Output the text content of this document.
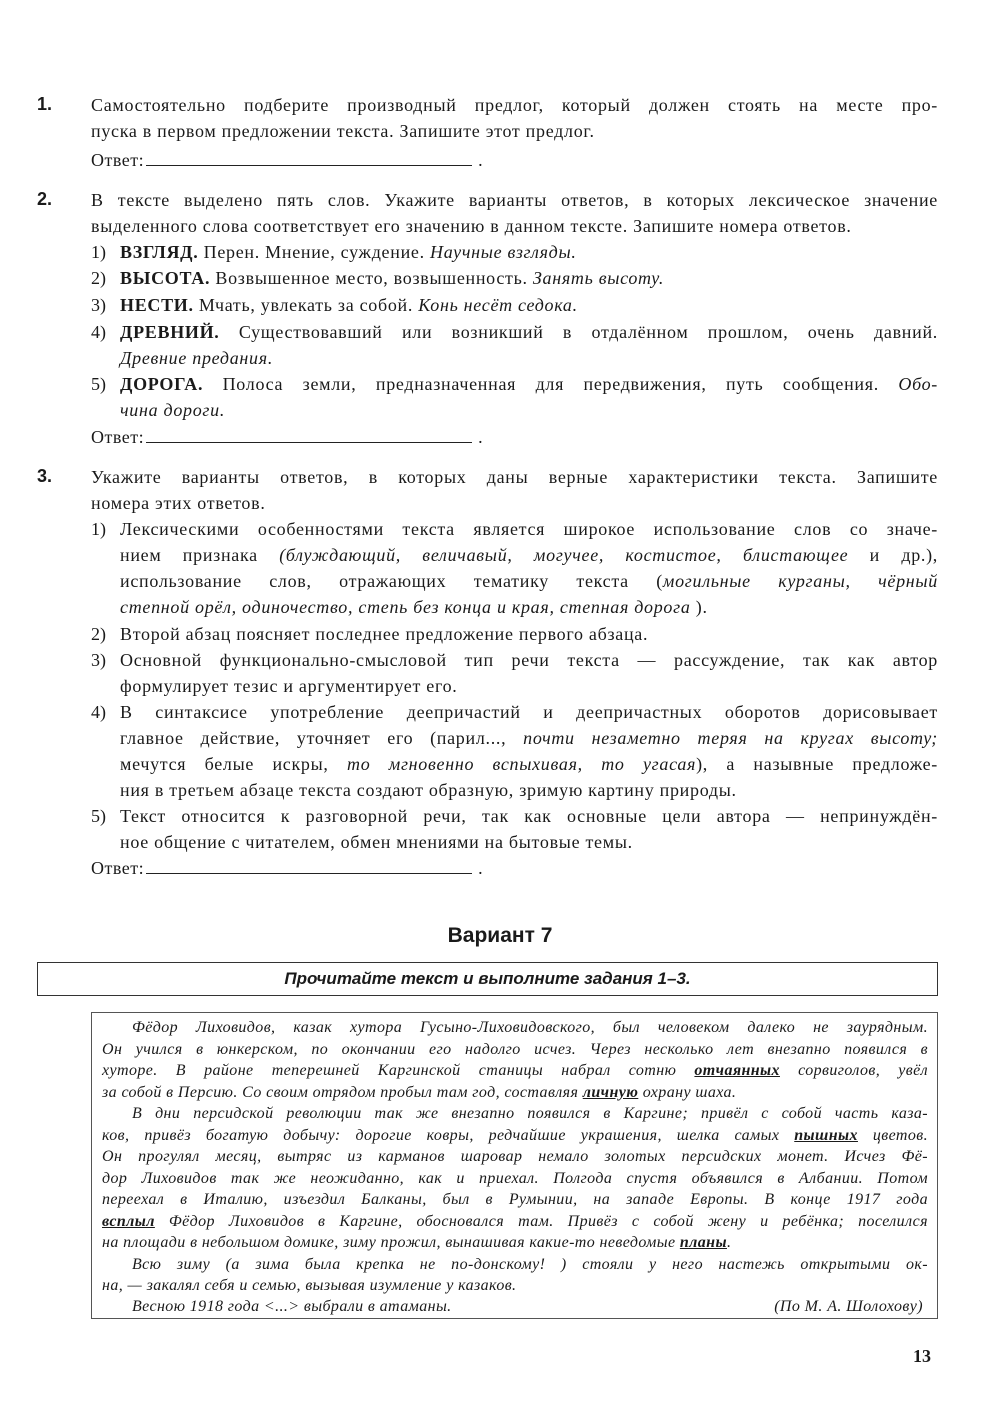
1. Самостоятельно подберите производный предлог, который должен стоять на месте про-
пуска в первом предложении текста. Запишите этот предлог.
Ответ:	.
2. В тексте выделено пять слов. Укажите варианты ответов, в которых лексическое значение
выделенного слова соответствует его значению в данном тексте. Запишите номера ответов.
1) ВЗГЛЯД. Перен. Мнение, суждение. Научные взгляды.
2) ВЫСОТА. Возвышенное место, возвышенность. Занять высоту.
3) НЕСТИ. Мчать, увлекать за собой. Конь несёт седока.
4) ДРЕВНИЙ. Существовавший или возникший в отдалённом прошлом, очень давний.
Древние предания.
5) ДОРОГА. Полоса земли, предназначенная для передвижения, путь сообщения. Обо-
чина дороги.
Ответ:	.
3. Укажите варианты ответов, в которых даны верные характеристики текста. Запишите
номера этих ответов.
1) Лексическими особенностями текста является широкое использование слов со значе-
нием признака (блуждающий, величавый, могучее, костистое, блистающее и др.),
использование слов, отражающих тематику текста (могильные курганы, чёрный
степной орёл, одиночество, степь без конца и края, степная дорога ).
2) Второй абзац поясняет последнее предложение первого абзаца.
3) Основной функционально-смысловой тип речи текста — рассуждение, так как автор
формулирует тезис и аргументирует его.
4) В синтаксисе употребление деепричастий и деепричастных оборотов дорисовывает
главное действие, уточняет его (парил..., почти незаметно теряя на кругах высоту;
мечутся белые искры, то мгновенно вспыхивая, то угасая), а назывные предложе-
ния в третьем абзаце текста создают образную, зримую картину природы.
5) Текст относится к разговорной речи, так как основные цели автора — непринуждён-
ное общение с читателем, обмен мнениями на бытовые темы.
Ответ:	.
Вариант 7
Прочитайте текст и выполните задания 1–3.
Фёдор Лиховидов, казак хутора Гусыно-Лиховидовского, был человеком далеко не заурядным.
Он учился в юнкерском, по окончании его надолго исчез. Через несколько лет внезапно появился в
хуторе. В районе теперешней Каргинской станицы набрал сотню отчаянных сорвиголов, увёл
за собой в Персию. Со своим отрядом пробыл там год, составляя личную охрану шаха.
В дни персидской революции так же внезапно появился в Каргине; привёл с собой часть каза-
ков, привёз богатую добычу: дорогие ковры, редчайшие украшения, шелка самых пышных цветов.
Он прогулял месяц, вытряс из карманов шаровар немало золотых персидских монет. Исчез Фё-
дор Лиховидов так же неожиданно, как и приехал. Полгода спустя объявился в Албании. Потом
переехал в Италию, изъездил Балканы, был в Румынии, на западе Европы. В конце 1917 года
всплыл Фёдор Лиховидов в Каргине, обосновался там. Привёз с собой жену и ребёнка; поселился
на площади в небольшом домике, зиму прожил, вынашивая какие-то неведомые планы.
Всю зиму (а зима была крепка не по-донскому! ) стояли у него настежь открытыми ок-
на, — закалял себя и семью, вызывая изумление у казаков.
Весною 1918 года <...> выбрали в атаманы.	(По М. А. Шолохову)
13
